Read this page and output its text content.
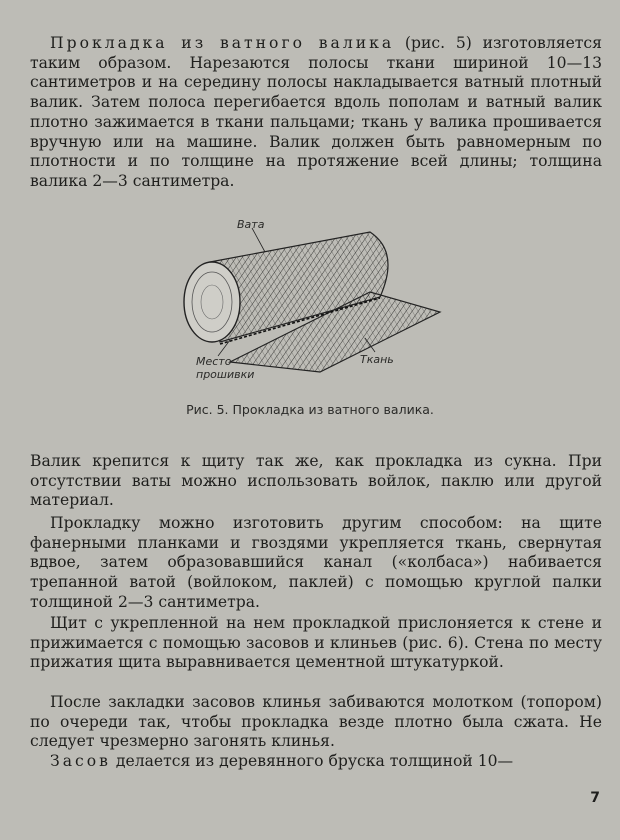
Прокладка из ватного валика (рис. 5) изготовляется таким образом. Нарезаются полосы ткани шириной 10—13 сантиметров и на середину полосы накладывается ватный плотный валик. Затем полоса перегибается вдоль пополам и ватный валик плотно зажимается в ткани пальцами; ткань у валика прошивается вручную или на машине. Валик должен быть равномерным по плотности и по толщине на протяжение всей длины; толщина валика 2—3 сантиметра.

Вата
Место
прошивки
Ткань
Рис. 5. Прокладка из ватного валика.

Валик крепится к щиту так же, как прокладка из сукна. При отсутствии ваты можно использовать войлок, паклю или другой материал.

Прокладку можно изготовить другим способом: на щите фанерными планками и гвоздями укрепляется ткань, свернутая вдвое, затем образовавшийся канал («колбаса») набивается трепанной ватой (войлоком, паклей) с помощью круглой палки толщиной 2—3 сантиметра.

Щит с укрепленной на нем прокладкой прислоняется к стене и прижимается с помощью засовов и клиньев (рис. 6). Стена по месту прижатия щита выравнивается цементной штукатуркой.

После закладки засовов клинья забиваются молотком (топором) по очереди так, чтобы прокладка везде плотно была сжата. Не следует чрезмерно загонять клинья.

Засов делается из деревянного бруска толщиной 10—

7
